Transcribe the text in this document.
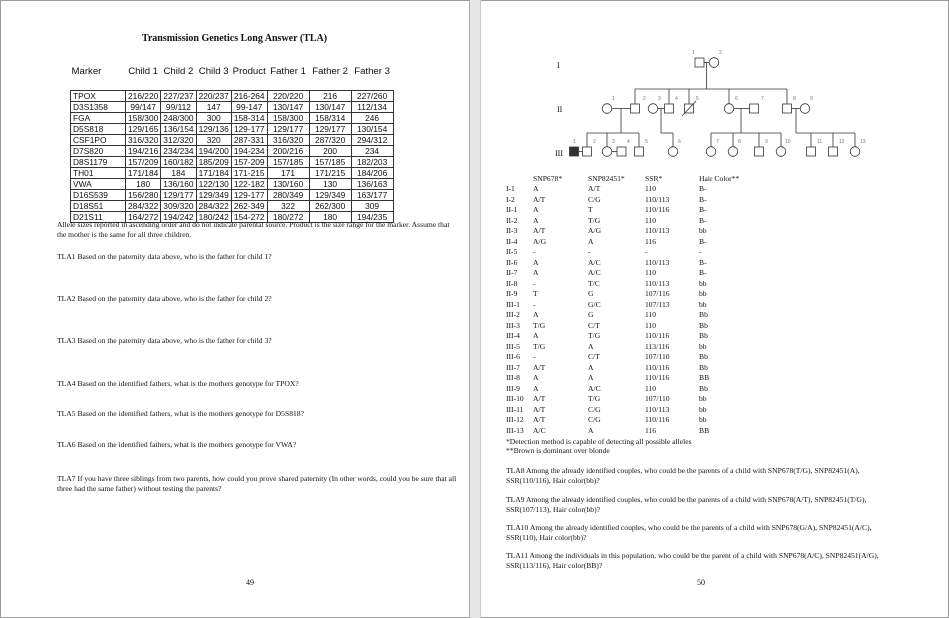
Transmission Genetics Long Answer (TLA)
Marker	Child 1	Child 2	Child 3	Product	Father 1	Father 2	Father 3
TPOX	216/220	227/237	220/237	216-264	220/220	216	227/260
D3S1358	99/147	99/112	147	99-147	130/147	130/147	112/134
FGA	158/300	248/300	300	158-314	158/300	158/314	246
D5S818	129/165	136/154	129/136	129-177	129/177	129/177	130/154
CSF1PO	316/320	312/320	320	287-331	316/320	287/320	294/312
D7S820	194/216	234/234	194/200	194-234	200/216	200	234
D8S1179	157/209	160/182	185/209	157-209	157/185	157/185	182/203
TH01	171/184	184	171/184	171-215	171	171/215	184/206
VWA	180	136/160	122/130	122-182	130/160	130	136/163
D16S539	156/280	129/177	129/349	129-177	280/349	129/349	163/177
D18S51	284/322	309/320	284/322	262-349	322	262/300	309
D21S11	164/272	194/242	180/242	154-272	180/272	180	194/235
Allele sizes reported in ascending order and do not indicate parental source. Product is the size range for the marker. Assume that the mother is the same for all three children.
TLA1 Based on the paternity data above, who is the father for child 1?
TLA2 Based on the paternity data above, who is the father for child 2?
TLA3 Based on the paternity data above, who is the father for child 3?
TLA4 Based on the identified fathers, what is the mothers genotype for TPOX?
TLA5 Based on the identified fathers, what is the mothers genotype for D5S818?
TLA6 Based on the identified fathers, what is the mothers genotype for VWA?
TLA7 If you have three siblings from two parents, how could you prove shared paternity (In other words, could you be sure that all three had the same father) without testing the parents?
49
I
II
III
1	2
1	2 3	4	5	6	7	8	9
1	2	3 4	5	6	7	8	9	10	11	12	13
SNP678*	SNP82451*	SSR*	Hair Color**
I-1 A	A/T	110	B-
I-2 A/T	C/G	110/113	B-
II-1 A	T	110/116	B-
II-2 A	T/G	110	B-
II-3 A/T	A/G	110/113	bb
II-4 A/G	A	116	B-
II-5 -	-	-	-
II-6 A	A/C	110/113	B-
II-7 A	A/C	110	B-
II-8 -	T/C	110/113	bb
II-9 T	G	107/116	bb
III-1 -	G/C	107/113	bb
III-2 A	G	110	Bb
III-3 T/G	C/T	110	Bb
III-4 A	T/G	110/116	Bb
III-5 T/G	A	113/116	bb
III-6 -	C/T	107/110	Bb
III-7 A/T	A	110/116	Bb
III-8 A	A	110/116	BB
III-9 A	A/C	110	Bb
III-10 A/T	T/G	107/110	bb
III-11 A/T	C/G	110/113	bb
III-12 A/T	C/G	110/116	bb
III-13 A/C	A	116	BB
*Detection method is capable of detecting all possible alleles
**Brown is dominant over blonde
TLA8 Among the already identified couples, who could be the parents of a child with SNP678(T/G), SNP82451(A), SSR(110/116), Hair color(bb)?
TLA9 Among the already identified couples, who could be the parents of a child with SNP678(A/T), SNP82451(T/G), SSR(107/113), Hair color(bb)?
TLA10 Among the already identified couples, who could be the parents of a child with SNP678(G/A), SNP82451(A/C), SSR(110), Hair color(bb)?
TLA11 Among the individuals in this population, who could be the parent of a child with SNP678(A/C), SNP82451(A/G), SSR(113/116), Hair color(BB)?
50
